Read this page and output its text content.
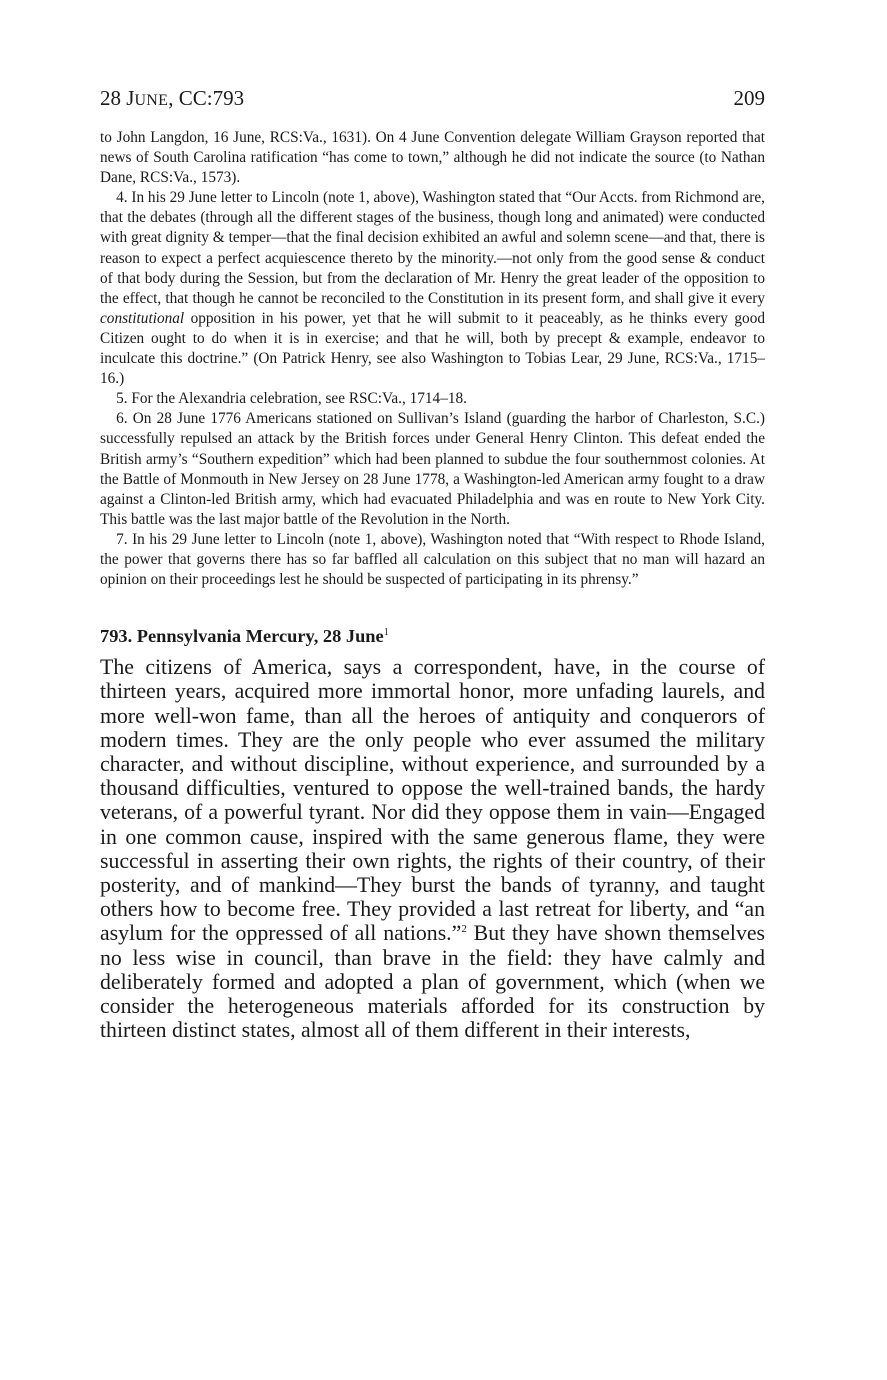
28 JUNE, CC:793	209

to John Langdon, 16 June, RCS:Va., 1631). On 4 June Convention delegate William Grayson reported that news of South Carolina ratification “has come to town,” although he did not indicate the source (to Nathan Dane, RCS:Va., 1573).

4. In his 29 June letter to Lincoln (note 1, above), Washington stated that “Our Accts. from Richmond are, that the debates (through all the different stages of the business, though long and animated) were conducted with great dignity & temper—that the final decision exhibited an awful and solemn scene—and that, there is reason to expect a perfect acquiescence thereto by the minority.—not only from the good sense & conduct of that body during the Session, but from the declaration of Mr. Henry the great leader of the opposition to the effect, that though he cannot be reconciled to the Constitution in its present form, and shall give it every constitutional opposition in his power, yet that he will submit to it peaceably, as he thinks every good Citizen ought to do when it is in exercise; and that he will, both by precept & example, endeavor to inculcate this doctrine.” (On Patrick Henry, see also Washington to Tobias Lear, 29 June, RCS:Va., 1715–16.)

5. For the Alexandria celebration, see RSC:Va., 1714–18.

6. On 28 June 1776 Americans stationed on Sullivan’s Island (guarding the harbor of Charleston, S.C.) successfully repulsed an attack by the British forces under General Henry Clinton. This defeat ended the British army’s “Southern expedition” which had been planned to subdue the four southernmost colonies. At the Battle of Monmouth in New Jersey on 28 June 1778, a Washington-led American army fought to a draw against a Clinton-led British army, which had evacuated Philadelphia and was en route to New York City. This battle was the last major battle of the Revolution in the North.

7. In his 29 June letter to Lincoln (note 1, above), Washington noted that “With respect to Rhode Island, the power that governs there has so far baffled all calculation on this subject that no man will hazard an opinion on their proceedings lest he should be suspected of participating in its phrensy.”

793. Pennsylvania Mercury, 28 June$^1$

The citizens of America, says a correspondent, have, in the course of thirteen years, acquired more immortal honor, more unfading laurels, and more well-won fame, than all the heroes of antiquity and conquerors of modern times. They are the only people who ever assumed the military character, and without discipline, without experience, and surrounded by a thousand difficulties, ventured to oppose the well-trained bands, the hardy veterans, of a powerful tyrant. Nor did they oppose them in vain—Engaged in one common cause, inspired with the same generous flame, they were successful in asserting their own rights, the rights of their country, of their posterity, and of mankind—They burst the bands of tyranny, and taught others how to become free. They provided a last retreat for liberty, and “an asylum for the oppressed of all nations.”$^2$ But they have shown themselves no less wise in council, than brave in the field: they have calmly and deliberately formed and adopted a plan of government, which (when we consider the heterogeneous materials afforded for its construction by thirteen distinct states, almost all of them different in their interests,
